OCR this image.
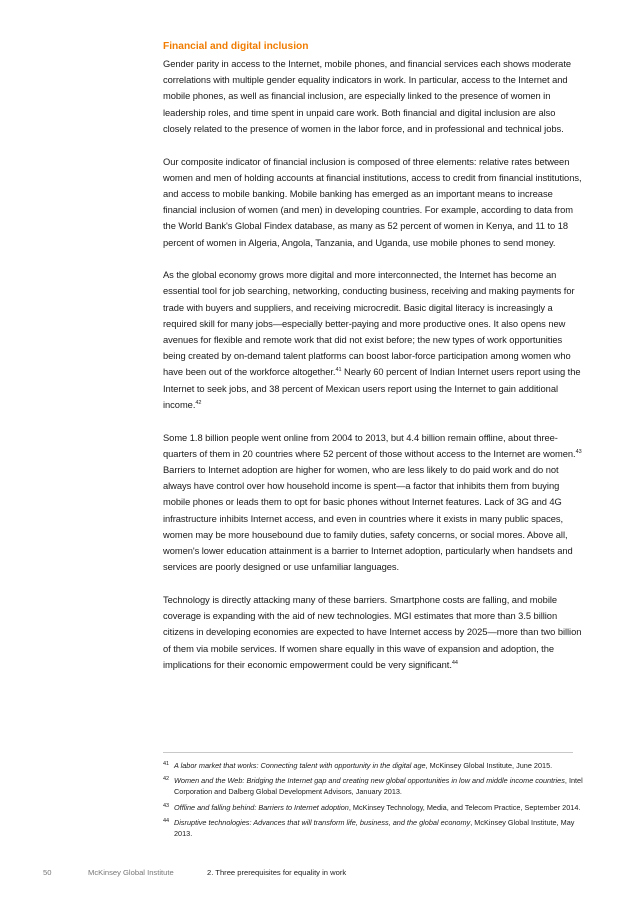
Financial and digital inclusion

Gender parity in access to the Internet, mobile phones, and financial services each shows moderate correlations with multiple gender equality indicators in work. In particular, access to the Internet and mobile phones, as well as financial inclusion, are especially linked to the presence of women in leadership roles, and time spent in unpaid care work. Both financial and digital inclusion are also closely related to the presence of women in the labor force, and in professional and technical jobs.

Our composite indicator of financial inclusion is composed of three elements: relative rates between women and men of holding accounts at financial institutions, access to credit from financial institutions, and access to mobile banking. Mobile banking has emerged as an important means to increase financial inclusion of women (and men) in developing countries. For example, according to data from the World Bank's Global Findex database, as many as 52 percent of women in Kenya, and 11 to 18 percent of women in Algeria, Angola, Tanzania, and Uganda, use mobile phones to send money.

As the global economy grows more digital and more interconnected, the Internet has become an essential tool for job searching, networking, conducting business, receiving and making payments for trade with buyers and suppliers, and receiving microcredit. Basic digital literacy is increasingly a required skill for many jobs—especially better-paying and more productive ones. It also opens new avenues for flexible and remote work that did not exist before; the new types of work opportunities being created by on-demand talent platforms can boost labor-force participation among women who have been out of the workforce altogether.$^{41}$ Nearly 60 percent of Indian Internet users report using the Internet to seek jobs, and 38 percent of Mexican users report using the Internet to gain additional income.$^{42}$

Some 1.8 billion people went online from 2004 to 2013, but 4.4 billion remain offline, about three-quarters of them in 20 countries where 52 percent of those without access to the Internet are women.$^{43}$ Barriers to Internet adoption are higher for women, who are less likely to do paid work and do not always have control over how household income is spent—a factor that inhibits them from buying mobile phones or leads them to opt for basic phones without Internet features. Lack of 3G and 4G infrastructure inhibits Internet access, and even in countries where it exists in many public spaces, women may be more housebound due to family duties, safety concerns, or social mores. Above all, women's lower education attainment is a barrier to Internet adoption, particularly when handsets and services are poorly designed or use unfamiliar languages.

Technology is directly attacking many of these barriers. Smartphone costs are falling, and mobile coverage is expanding with the aid of new technologies. MGI estimates that more than 3.5 billion citizens in developing economies are expected to have Internet access by 2025—more than two billion of them via mobile services. If women share equally in this wave of expansion and adoption, the implications for their economic empowerment could be very significant.$^{44}$

41 A labor market that works: Connecting talent with opportunity in the digital age, McKinsey Global Institute, June 2015.
42 Women and the Web: Bridging the Internet gap and creating new global opportunities in low and middle income countries, Intel Corporation and Dalberg Global Development Advisors, January 2013.
43 Offline and falling behind: Barriers to Internet adoption, McKinsey Technology, Media, and Telecom Practice, September 2014.
44 Disruptive technologies: Advances that will transform life, business, and the global economy, McKinsey Global Institute, May 2013.
50	McKinsey Global Institute	2. Three prerequisites for equality in work
